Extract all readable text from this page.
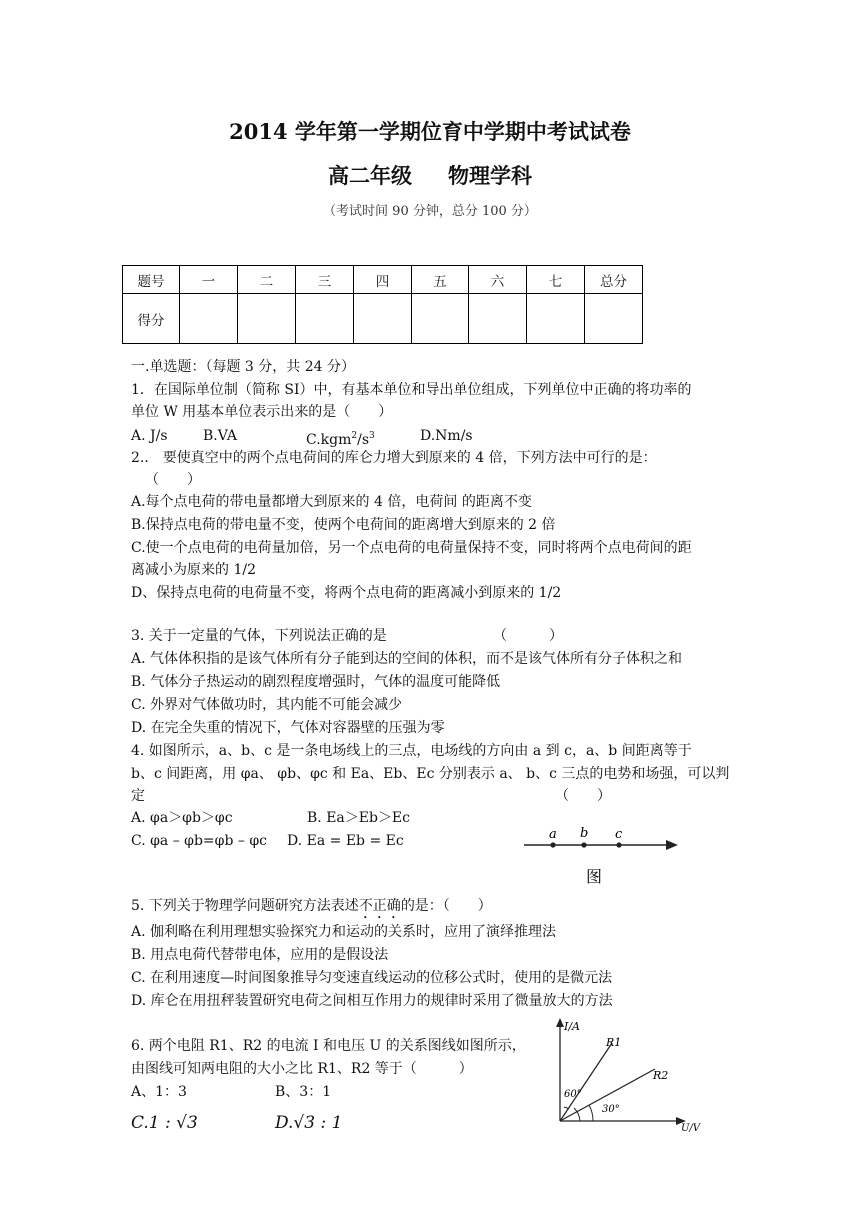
2014 学年第一学期位育中学期中考试试卷
高二年级 物理学科
（考试时间 90 分钟，总分 100 分）
题号	一	二	三	四	五	六	七	总分
得分								
一.单选题：（每题 3 分，共 24 分）
1．在国际单位制（简称 SI）中，有基本单位和导出单位组成，下列单位中正确的将功率的
单位 W 用基本单位表示出来的是（　　）
A. J/s	B.VA	$C.kgm^2/s^3$	D.Nm/s
2.． 要使真空中的两个点电荷间的库仑力增大到原来的 4 倍，下列方法中可行的是：
（　　）
A.每个点电荷的带电量都增大到原来的 4 倍，电荷间 的距离不变
B.保持点电荷的带电量不变，使两个电荷间的距离增大到原来的 2 倍
C.使一个点电荷的电荷量加倍，另一个点电荷的电荷量保持不变，同时将两个点电荷间的距
离减小为原来的 1/2
D、保持点电荷的电荷量不变，将两个点电荷的距离减小到原来的 1/2
3. 关于一定量的气体，下列说法正确的是	（　　　）
A. 气体体积指的是该气体所有分子能到达的空间的体积，而不是该气体所有分子体积之和
B. 气体分子热运动的剧烈程度增强时，气体的温度可能降低
C. 外界对气体做功时，其内能不可能会减少
D. 在完全失重的情况下，气体对容器壁的压强为零
4. 如图所示，a、b、c 是一条电场线上的三点，电场线的方向由 a 到 c，a、b 间距离等于
b、c 间距离，用 φa、 φb、φc 和 Ea、Eb、Ec 分别表示 a、 b、c 三点的电势和场强，可以判
定	（　　）
A. φa＞φb＞φc	B. Ea＞Eb＞Ec
C. φa – φb=φb – φc D. Ea = Eb = Ec	a b c
图
5. 下列关于物理学问题研究方法表述不正确的是：（　　）
A. 伽利略在利用理想实验探究力和运动的关系时，应用了演绎推理法
B. 用点电荷代替带电体，应用的是假设法
C. 在利用速度—时间图象推导匀变速直线运动的位移公式时，使用的是微元法
D. 库仑在用扭秤装置研究电荷之间相互作用力的规律时采用了微量放大的方法
6. 两个电阻 R1、R2 的电流 I 和电压 U 的关系图线如图所示，
由图线可知两电阻的大小之比 R1、R2 等于（　　　）
A、1：3	B、3：1
C.1 : √3	D.√3 : 1
I/A
U/V
R1
R2
60°
30°
